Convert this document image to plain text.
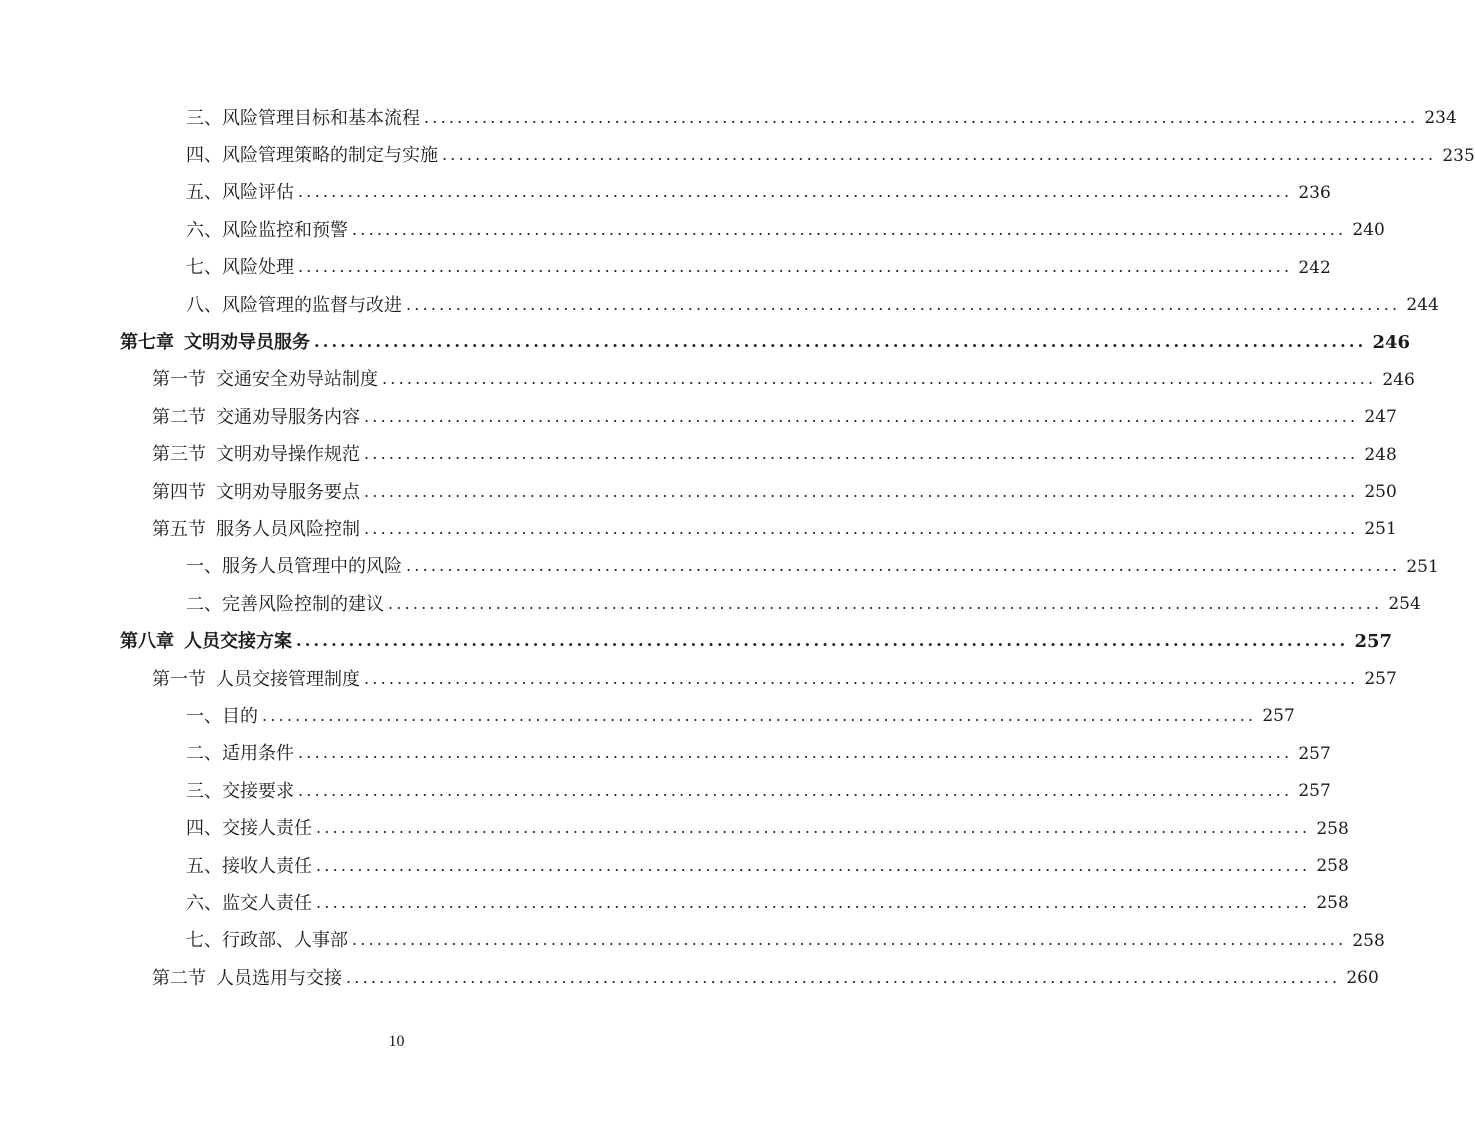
三、风险管理目标和基本流程 ........................................................................................................................ 234
四、风险管理策略的制定与实施 ........................................................................................................................ 235
五、风险评估 ........................................................................................................................ 236
六、风险监控和预警 ........................................................................................................................ 240
七、风险处理 ........................................................................................................................ 242
八、风险管理的监督与改进 ........................................................................................................................ 244
第七章 文明劝导员服务 ........................................................................................................................ 246
第一节 交通安全劝导站制度 ........................................................................................................................ 246
第二节 交通劝导服务内容 ........................................................................................................................ 247
第三节 文明劝导操作规范 ........................................................................................................................ 248
第四节 文明劝导服务要点 ........................................................................................................................ 250
第五节 服务人员风险控制 ........................................................................................................................ 251
一、服务人员管理中的风险 ........................................................................................................................ 251
二、完善风险控制的建议 ........................................................................................................................ 254
第八章 人员交接方案 ........................................................................................................................ 257
第一节 人员交接管理制度 ........................................................................................................................ 257
一、目的 ........................................................................................................................ 257
二、适用条件 ........................................................................................................................ 257
三、交接要求 ........................................................................................................................ 257
四、交接人责任 ........................................................................................................................ 258
五、接收人责任 ........................................................................................................................ 258
六、监交人责任 ........................................................................................................................ 258
七、行政部、人事部 ........................................................................................................................ 258
第二节 人员选用与交接 ........................................................................................................................ 260
10
